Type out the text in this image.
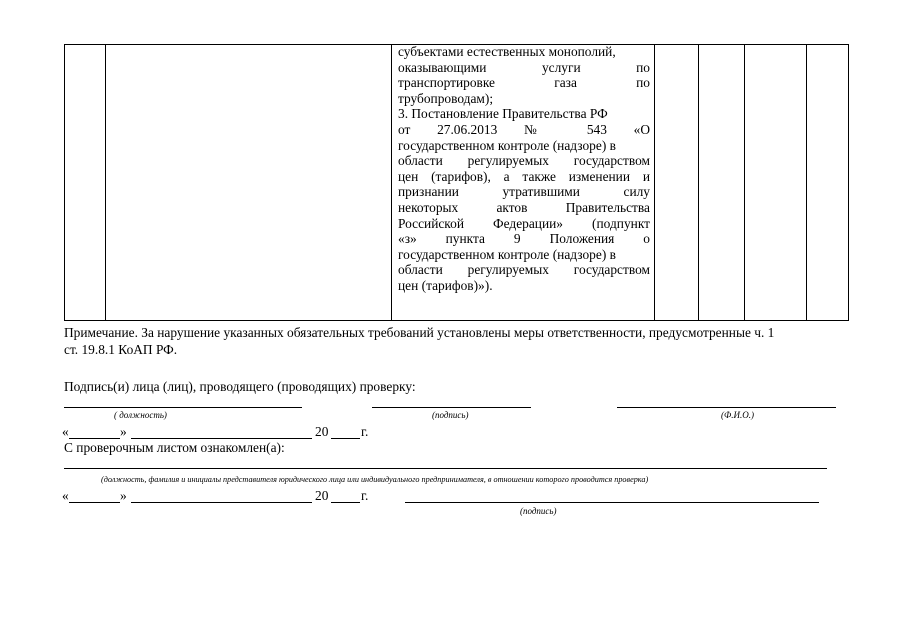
субъектами естественных монополий,
оказывающими услуги по
транспортировке газа по
трубопроводам);
3. Постановление Правительства РФ
от 27.06.2013 № 543 «О
государственном контроле (надзоре) в
области регулируемых государством
цен (тарифов), а также изменении и
признании утратившими силу
некоторых актов Правительства
Российской Федерации» (подпункт
«з» пункта 9 Положения о
государственном контроле (надзоре) в
области регулируемых государством
цен (тарифов)»).
Примечание. За нарушение указанных обязательных требований установлены меры ответственности, предусмотренные ч. 1
ст. 19.8.1 КоАП РФ.
Подпись(и) лица (лиц), проводящего (проводящих) проверку:
( должность)	(подпись)	(Ф.И.О.)
«	»	20 г.
С проверочным листом ознакомлен(а):
(должность, фамилия и инициалы представителя юридического лица или индивидуального предпринимателя, в отношении которого проводится проверка)
«	»	20 г.
(подпись)
